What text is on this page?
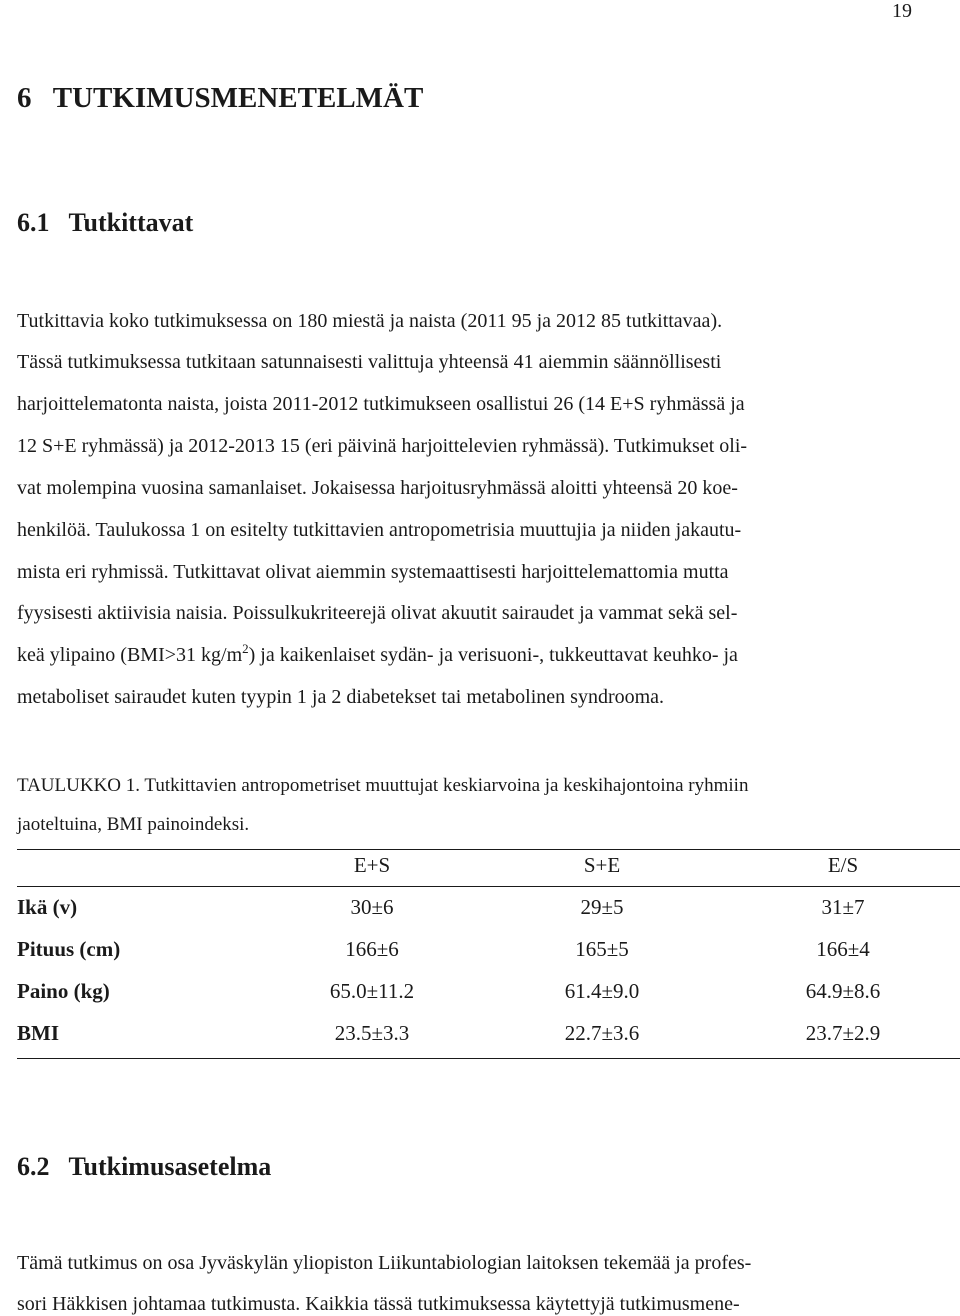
19
6   TUTKIMUSMENETELMÄT
6.1   Tutkittavat
Tutkittavia koko tutkimuksessa on 180 miestä ja naista (2011 95 ja 2012 85 tutkittavaa).
Tässä tutkimuksessa tutkitaan satunnaisesti valittuja yhteensä 41 aiemmin säännöllisesti
harjoittelematonta naista, joista 2011-2012 tutkimukseen osallistui 26 (14 E+S ryhmässä ja
12 S+E ryhmässä) ja 2012-2013 15 (eri päivinä harjoittelevien ryhmässä). Tutkimukset oli-
vat molempina vuosina samanlaiset. Jokaisessa harjoitusryhmässä aloitti yhteensä 20 koe-
henkilöä. Taulukossa 1 on esitelty tutkittavien antropometrisia muuttujia ja niiden jakautu-
mista eri ryhmissä. Tutkittavat olivat aiemmin systemaattisesti harjoittelemattomia mutta
fyysisesti aktiivisia naisia. Poissulkukriteerejä olivat akuutit sairaudet ja vammat sekä sel-
keä ylipaino (BMI>31 $kg/m^2$) ja kaikenlaiset sydän- ja verisuoni-, tukkeuttavat keuhko- ja
metaboliset sairaudet kuten tyypin 1 ja 2 diabetekset tai metabolinen syndrooma.
TAULUKKO 1. Tutkittavien antropometriset muuttujat keskiarvoina ja keskihajontoina ryhmiin
jaoteltuina, BMI painoindeksi.
E+S	S+E	E/S
Ikä (v)	30±6	29±5	31±7
Pituus (cm)	166±6	165±5	166±4
Paino (kg)	65.0±11.2	61.4±9.0	64.9±8.6
BMI	23.5±3.3	22.7±3.6	23.7±2.9
6.2   Tutkimusasetelma
Tämä tutkimus on osa Jyväskylän yliopiston Liikuntabiologian laitoksen tekemää ja profes-
sori Häkkisen johtamaa tutkimusta. Kaikkia tässä tutkimuksessa käytettyjä tutkimusmene-
